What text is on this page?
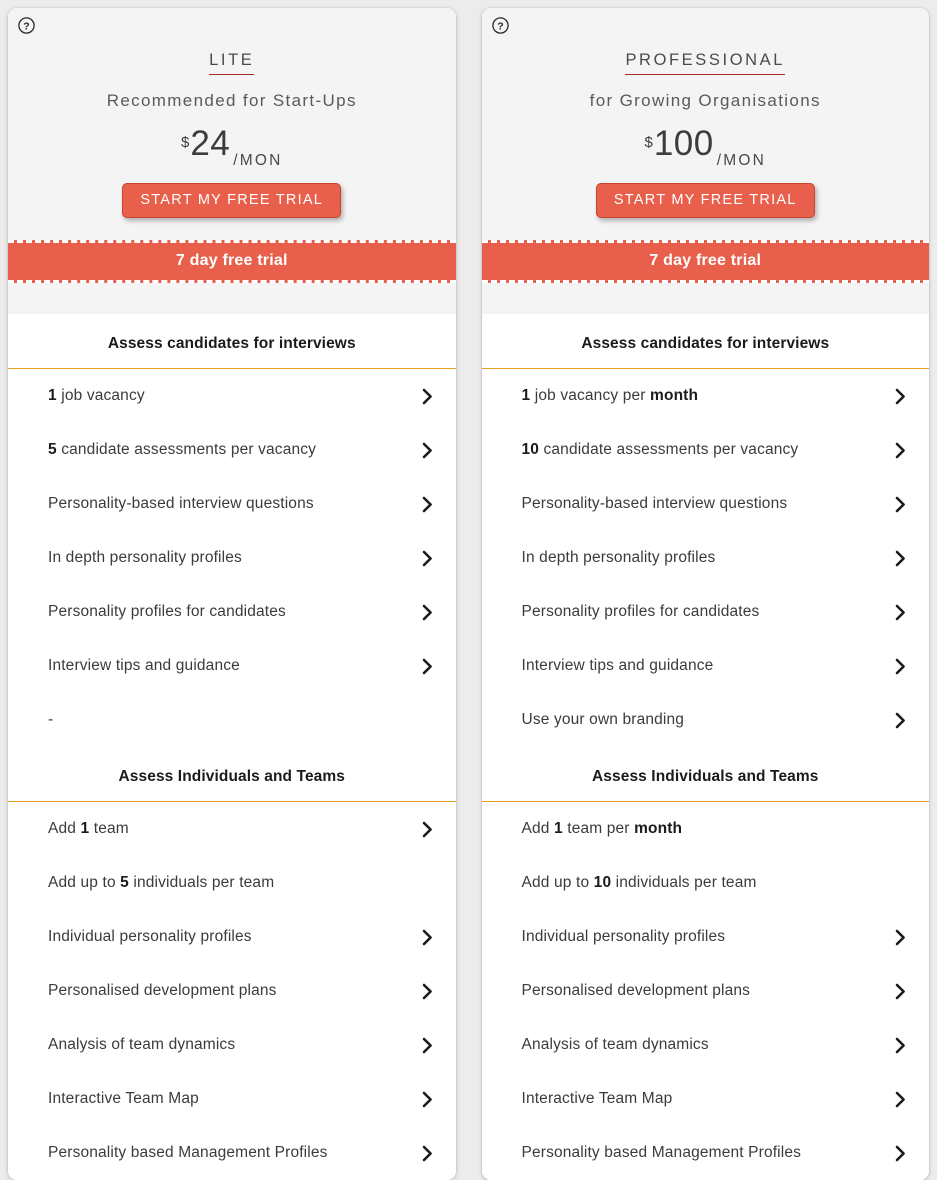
?
LITE
Recommended for Start-Ups
$ 24 /MON
START MY FREE TRIAL
7 day free trial
Assess candidates for interviews
1 job vacancy
5 candidate assessments per vacancy
Personality-based interview questions
In depth personality profiles
Personality profiles for candidates
Interview tips and guidance
-
Assess Individuals and Teams
Add 1 team
Add up to 5 individuals per team
Individual personality profiles
Personalised development plans
Analysis of team dynamics
Interactive Team Map
Personality based Management Profiles
?
PROFESSIONAL
for Growing Organisations
$ 100 /MON
START MY FREE TRIAL
7 day free trial
Assess candidates for interviews
1 job vacancy per month
10 candidate assessments per vacancy
Personality-based interview questions
In depth personality profiles
Personality profiles for candidates
Interview tips and guidance
Use your own branding
Assess Individuals and Teams
Add 1 team per month
Add up to 10 individuals per team
Individual personality profiles
Personalised development plans
Analysis of team dynamics
Interactive Team Map
Personality based Management Profiles
